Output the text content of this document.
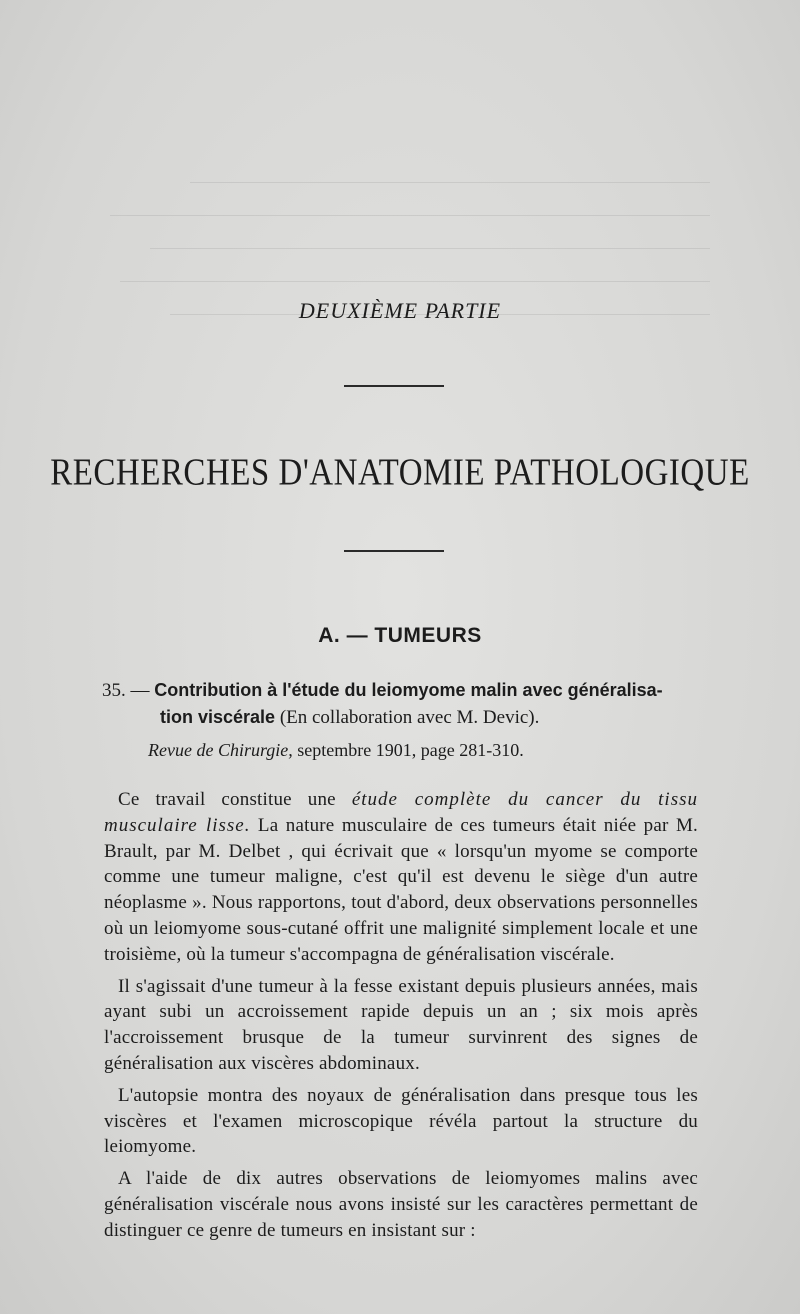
DEUXIÈME PARTIE
RECHERCHES D'ANATOMIE PATHOLOGIQUE
A. — TUMEURS
35. — Contribution à l'étude du leiomyome malin avec généralisa-
tion viscérale (En collaboration avec M. Devic).
Revue de Chirurgie, septembre 1901, page 281-310.

Ce travail constitue une étude complète du cancer du tissu musculaire lisse. La nature musculaire de ces tumeurs était niée par M. Brault, par M. Delbet , qui écrivait que « lorsqu'un myome se comporte comme une tumeur maligne, c'est qu'il est devenu le siège d'un autre néoplasme ». Nous rapportons, tout d'abord, deux observations personnelles où un leiomyome sous-cutané offrit une malignité simplement locale et une troisième, où la tumeur s'accompagna de généralisation viscérale.

Il s'agissait d'une tumeur à la fesse existant depuis plusieurs années, mais ayant subi un accroissement rapide depuis un an ; six mois après l'accroissement brusque de la tumeur survinrent des signes de généralisation aux viscères abdominaux.

L'autopsie montra des noyaux de généralisation dans presque tous les viscères et l'examen microscopique révéla partout la structure du leiomyome.

A l'aide de dix autres observations de leiomyomes malins avec généralisation viscérale nous avons insisté sur les caractères permettant de distinguer ce genre de tumeurs en insistant sur :
